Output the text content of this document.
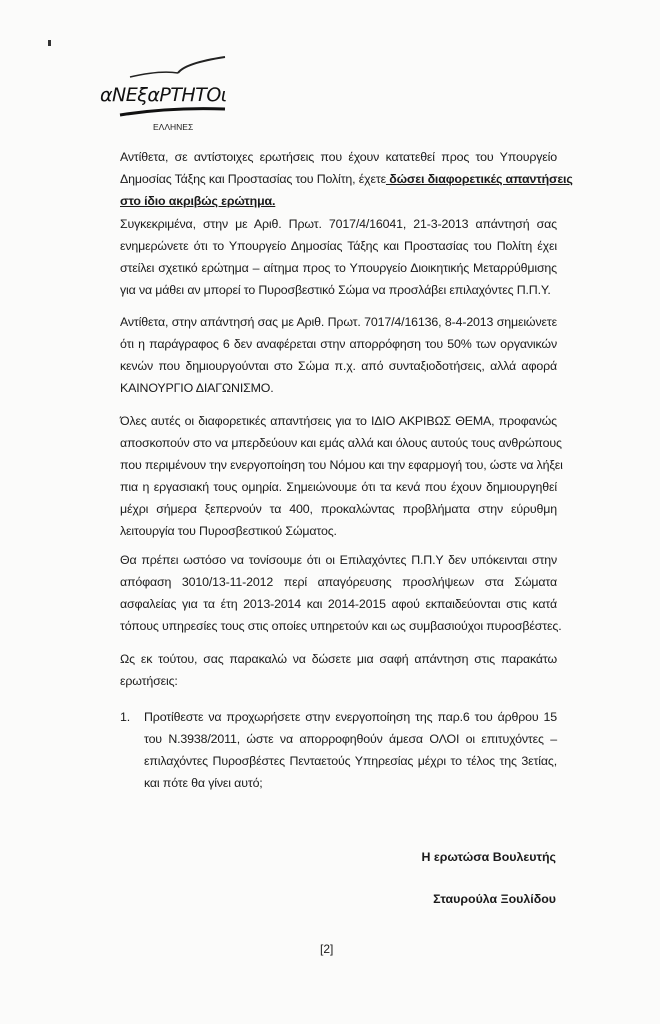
αΝΕξαΡΤΗΤΟι
ΕΛΛΗΝΕΣ
Αντίθετα, σε αντίστοιχες ερωτήσεις που έχουν κατατεθεί προς του Υπουργείο
Δημοσίας Τάξης και Προστασίας του Πολίτη, έχετε δώσει διαφορετικές απαντήσεις
στο ίδιο ακριβώς ερώτημα.
Συγκεκριμένα, στην με Αριθ. Πρωτ. 7017/4/16041, 21-3-2013 απάντησή σας
ενημερώνετε ότι το Υπουργείο Δημοσίας Τάξης και Προστασίας του Πολίτη έχει
στείλει σχετικό ερώτημα – αίτημα προς το Υπουργείο Διοικητικής Μεταρρύθμισης
για να μάθει αν μπορεί το Πυροσβεστικό Σώμα να προσλάβει επιλαχόντες Π.Π.Υ.
Αντίθετα, στην απάντησή σας με Αριθ. Πρωτ. 7017/4/16136, 8-4-2013 σημειώνετε
ότι η παράγραφος 6 δεν αναφέρεται στην απορρόφηση του 50% των οργανικών
κενών που δημιουργούνται στο Σώμα π.χ. από συνταξιοδοτήσεις, αλλά αφορά
ΚΑΙΝΟΥΡΓΙΟ ΔΙΑΓΩΝΙΣΜΟ.
Όλες αυτές οι διαφορετικές απαντήσεις για το ΙΔΙΟ ΑΚΡΙΒΩΣ ΘΕΜΑ, προφανώς
αποσκοπούν στο να μπερδεύουν και εμάς αλλά και όλους αυτούς τους ανθρώπους
που περιμένουν την ενεργοποίηση του Νόμου και την εφαρμογή του, ώστε να λήξει
πια η εργασιακή τους ομηρία. Σημειώνουμε ότι τα κενά που έχουν δημιουργηθεί
μέχρι σήμερα ξεπερνούν τα 400, προκαλώντας προβλήματα στην εύρυθμη
λειτουργία του Πυροσβεστικού Σώματος.
Θα πρέπει ωστόσο να τονίσουμε ότι οι Επιλαχόντες Π.Π.Υ δεν υπόκεινται στην
απόφαση 3010/13-11-2012 περί απαγόρευσης προσλήψεων στα Σώματα
ασφαλείας για τα έτη 2013-2014 και 2014-2015 αφού εκπαιδεύονται στις κατά
τόπους υπηρεσίες τους στις οποίες υπηρετούν και ως συμβασιούχοι πυροσβέστες.
Ως εκ τούτου, σας παρακαλώ να δώσετε μια σαφή απάντηση στις παρακάτω
ερωτήσεις:
1. Προτίθεστε να προχωρήσετε στην ενεργοποίηση της παρ.6 του άρθρου 15
του Ν.3938/2011, ώστε να απορροφηθούν άμεσα ΟΛΟΙ οι επιτυχόντες –
επιλαχόντες Πυροσβέστες Πενταετούς Υπηρεσίας μέχρι το τέλος της 3ετίας,
και πότε θα γίνει αυτό;
Η ερωτώσα Βουλευτής
Σταυρούλα Ξουλίδου
[2]
